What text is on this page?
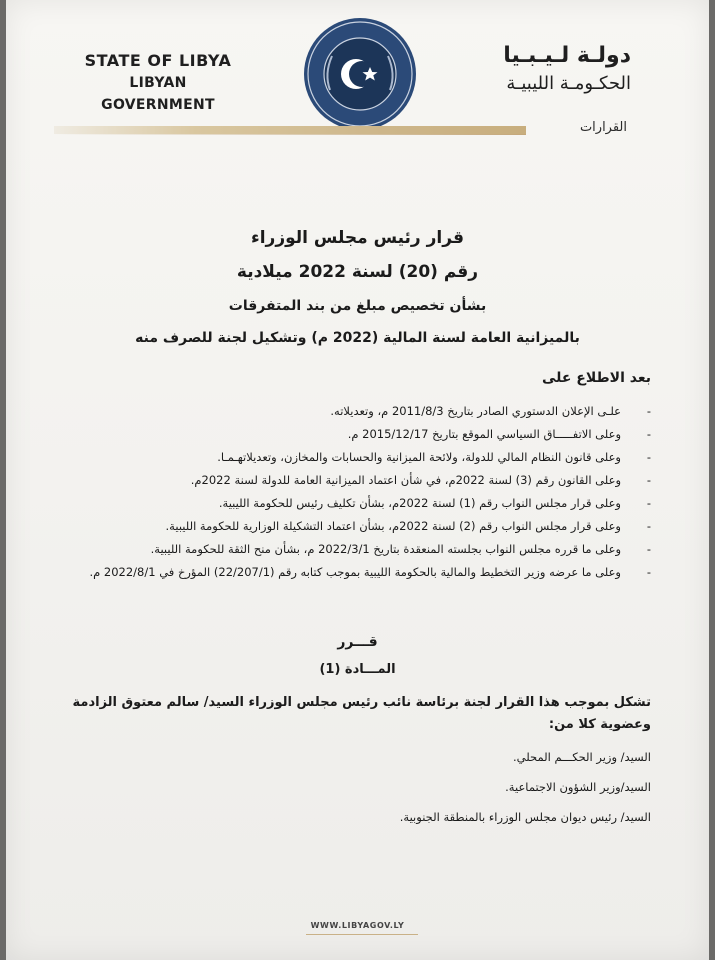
STATE OF LIBYA
LIBYAN GOVERNMENT
دولـة لـيـبـيا
الحكـومـة الليبيـة
القرارات
قرار رئيس مجلس الوزراء
رقم (20) لسنة 2022 ميلادية
بشأن تخصيص مبلغ من بند المتفرقات
بالميزانية العامة لسنة المالية (2022 م) وتشكيل لجنة للصرف منه
بعد الاطلاع على
-
علـى الإعلان الدستوري الصادر بتاريخ 2011/8/3 م، وتعديلاته.
-
وعلى الاتفـــــاق السياسي الموقع بتاريخ 2015/12/17 م.
-
وعلى قانون النظام المالي للدولة، ولائحة الميزانية والحسابات والمخازن، وتعديلاتهـمـا.
-
وعلى القانون رقم (3) لسنة 2022م، في شأن اعتماد الميزانية العامة للدولة لسنة 2022م.
-
وعلى قرار مجلس النواب رقم (1) لسنة 2022م، بشأن تكليف رئيس للحكومة الليبية.
-
وعلى قرار مجلس النواب رقم (2) لسنة 2022م، بشأن اعتماد التشكيلة الوزارية للحكومة الليبية.
-
وعلى ما قرره مجلس النواب بجلسته المنعقدة بتاريخ 2022/3/1 م، بشأن منح الثقة للحكومة الليبية.
-
وعلى ما عرضه وزير التخطيط والمالية بالحكومة الليبية بموجب كتابه رقم (22/207/1) المؤرخ في 2022/8/1 م.
قـــرر
المـــادة (1)
تشكل بموجب هذا القرار لجنة برئاسة نائب رئيس مجلس الوزراء السيد/ سالم معتوق الزادمة وعضوية كلا من:
السيد/ وزير الحكـــم المحلي.
السيد/وزير الشؤون الاجتماعية.
السيد/ رئيس ديوان مجلس الوزراء بالمنطقة الجنوبية.
WWW.LIBYAGOV.LY
